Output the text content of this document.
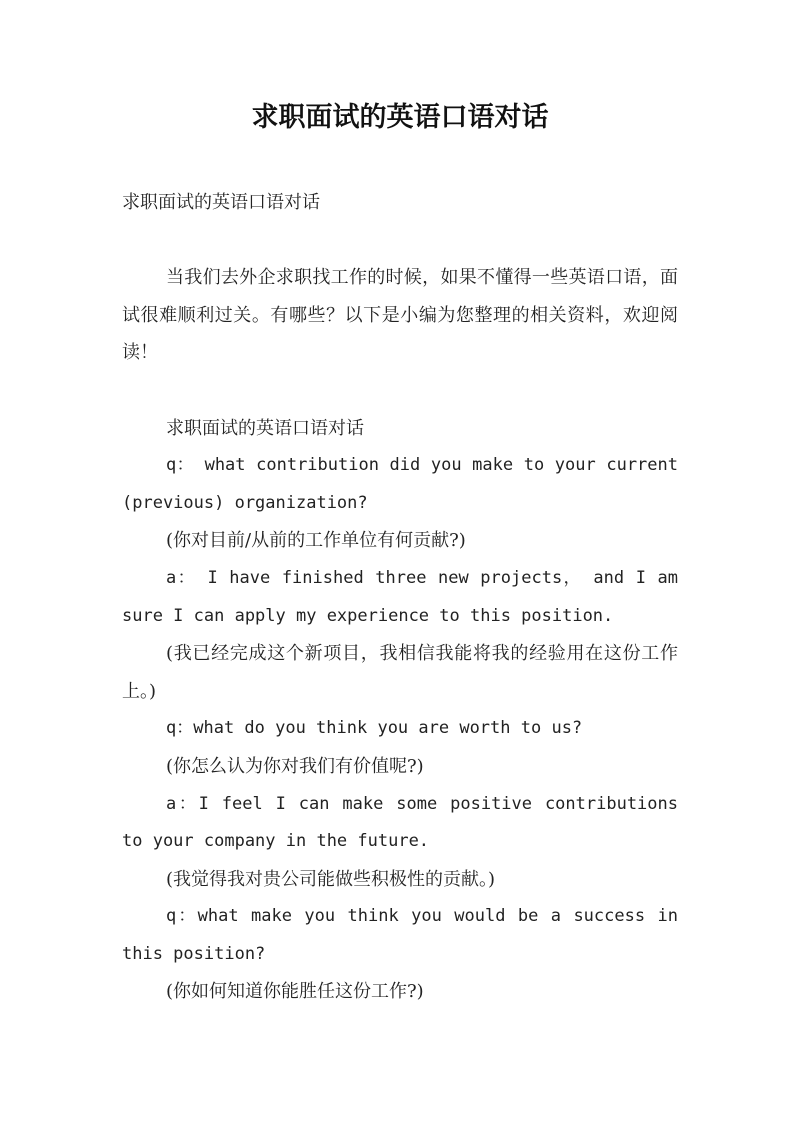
求职面试的英语口语对话

求职面试的英语口语对话

当我们去外企求职找工作的时候，如果不懂得一些英语口语，面试很难顺利过关。有哪些？以下是小编为您整理的相关资料，欢迎阅读！

求职面试的英语口语对话

q： what contribution did you make to your current (previous) organization?

(你对目前/从前的工作单位有何贡献?)

a： I have finished three new projects， and I am sure I can apply my experience to this position.

(我已经完成这个新项目，我相信我能将我的经验用在这份工作上。)

q：what do you think you are worth to us?

(你怎么认为你对我们有价值呢?)

a：I feel I can make some positive contributions to your company in the future.

(我觉得我对贵公司能做些积极性的贡献。)

q：what make you think you would be a success in this position?

(你如何知道你能胜任这份工作?)
